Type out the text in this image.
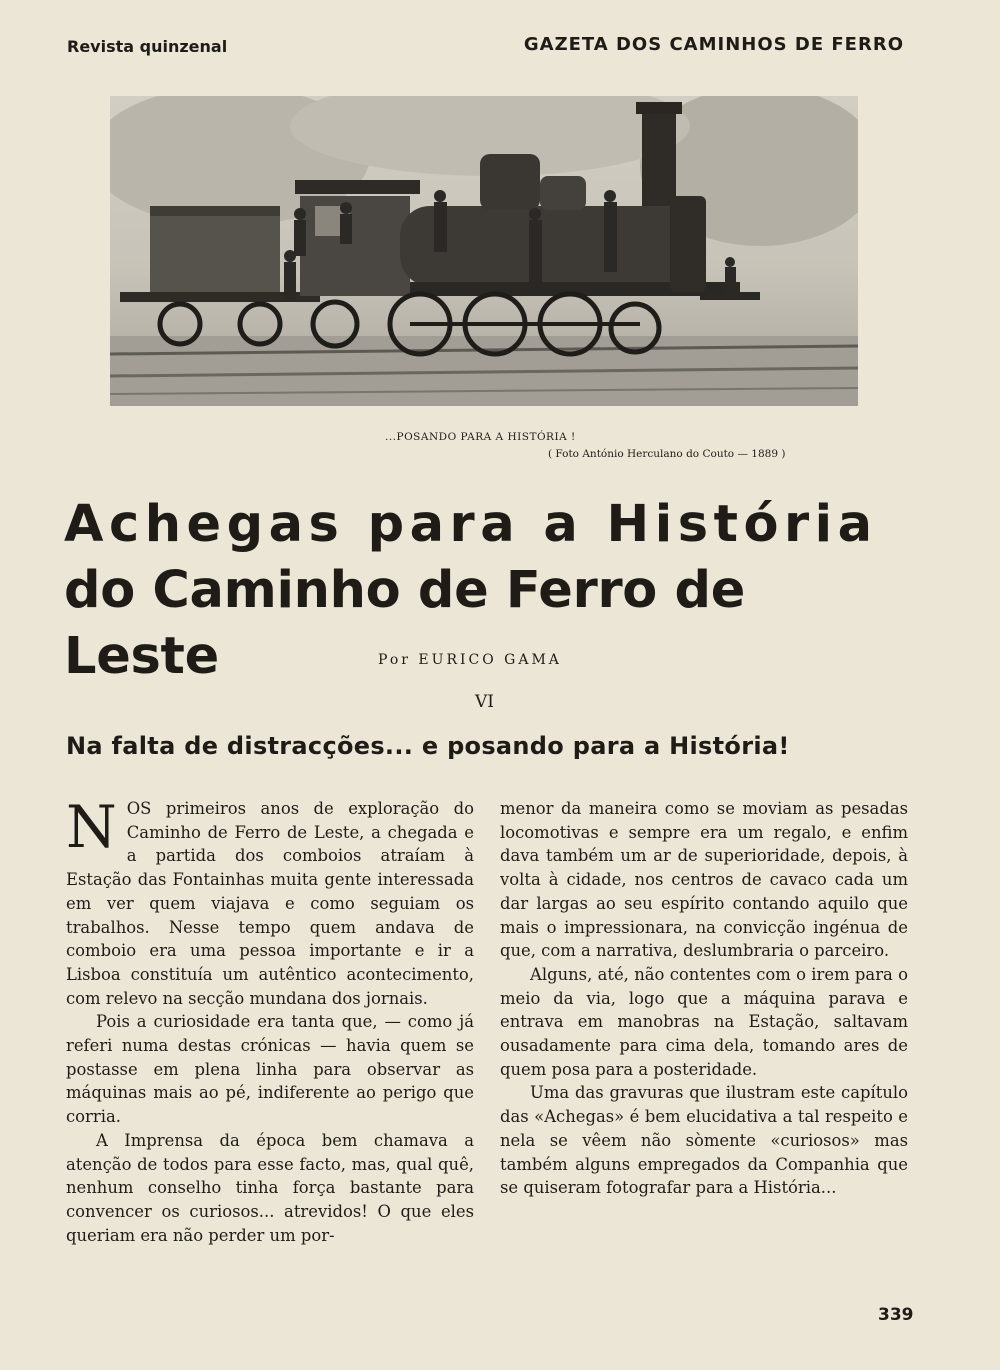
Revista quinzenal	GAZETA DOS CAMINHOS DE FERRO
...POSANDO PARA A HISTÓRIA !
( Foto António Herculano do Couto — 1889 )
Achegas para a História
do Caminho de Ferro de Leste	Por EURICO GAMA
VI
Na falta de distracções... e posando para a História!

NOS primeiros anos de exploração do Caminho de Ferro de Leste, a chegada e a partida dos comboios atraíam à Estação das Fontainhas muita gente interessada em ver quem viajava e como seguiam os trabalhos. Nesse tempo quem andava de comboio era uma pessoa importante e ir a Lisboa constituía um autêntico acontecimento, com relevo na secção mundana dos jornais.

Pois a curiosidade era tanta que, — como já referi numa destas crónicas — havia quem se postasse em plena linha para observar as máquinas mais ao pé, indiferente ao perigo que corria.

A Imprensa da época bem chamava a atenção de todos para esse facto, mas, qual quê, nenhum conselho tinha força bastante para convencer os curiosos... atrevidos! O que eles queriam era não perder um por-

menor da maneira como se moviam as pesadas locomotivas e sempre era um regalo, e enfim dava também um ar de superioridade, depois, à volta à cidade, nos centros de cavaco cada um dar largas ao seu espírito contando aquilo que mais o impressionara, na convicção ingénua de que, com a narrativa, deslumbraria o parceiro.

Alguns, até, não contentes com o irem para o meio da via, logo que a máquina parava e entrava em manobras na Estação, saltavam ousadamente para cima dela, tomando ares de quem posa para a posteridade.

Uma das gravuras que ilustram este capítulo das «Achegas» é bem elucidativa a tal respeito e nela se vêem não sòmente «curiosos» mas também alguns empregados da Companhia que se quiseram fotografar para a História...

339
